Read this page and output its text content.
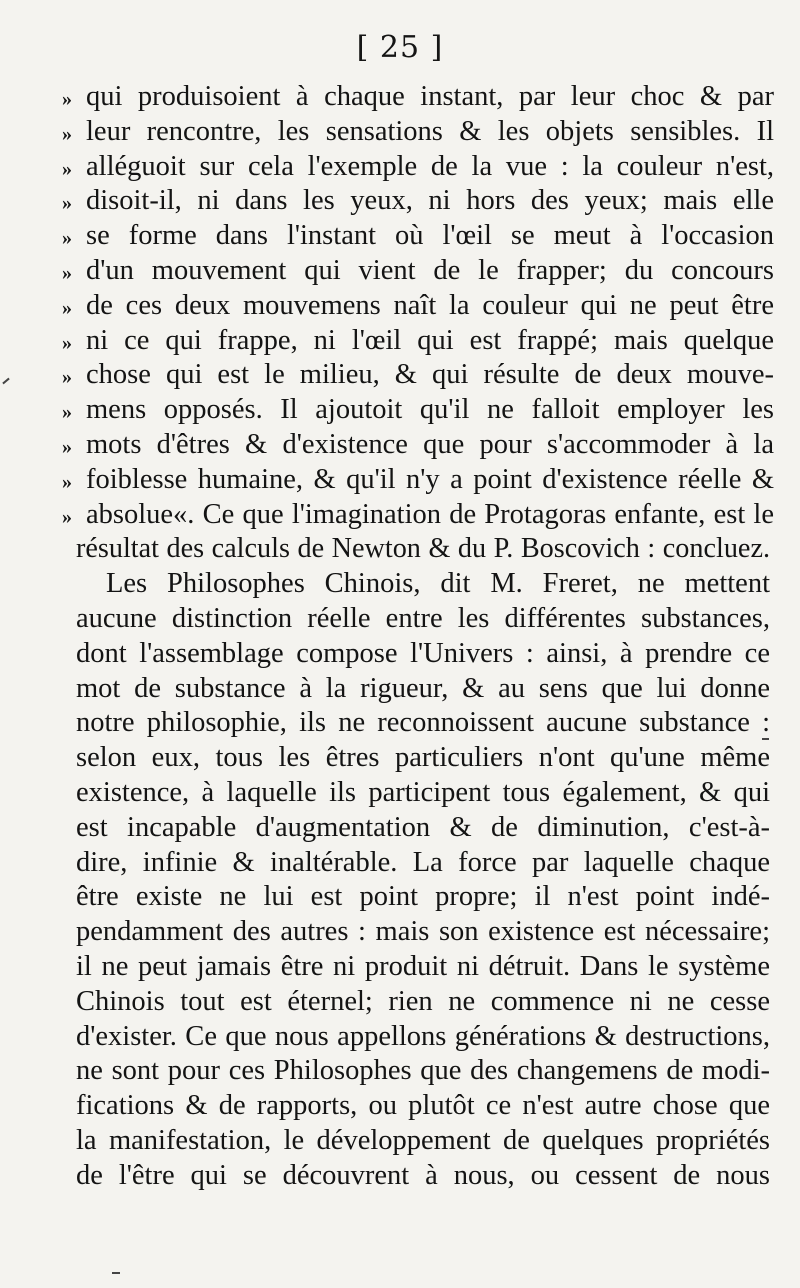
[ 25 ]
» qui produisoient à chaque instant, par leur choc & par
» leur rencontre, les sensations & les objets sensibles. Il
» alléguoit sur cela l'exemple de la vue : la couleur n'est,
» disoit-il, ni dans les yeux, ni hors des yeux; mais elle
» se forme dans l'instant où l'œil se meut à l'occasion
» d'un mouvement qui vient de le frapper; du concours
» de ces deux mouvemens naît la couleur qui ne peut être
» ni ce qui frappe, ni l'œil qui est frappé; mais quelque
» chose qui est le milieu, & qui résulte de deux mouve-
» mens opposés. Il ajoutoit qu'il ne falloit employer les
» mots d'êtres & d'existence que pour s'accommoder à la
» foiblesse humaine, & qu'il n'y a point d'existence réelle &
» absolue«. Ce que l'imagination de Protagoras enfante, est le
résultat des calculs de Newton & du P. Boscovich : concluez.
Les Philosophes Chinois, dit M. Freret, ne mettent
aucune distinction réelle entre les différentes substances,
dont l'assemblage compose l'Univers : ainsi, à prendre ce
mot de substance à la rigueur, & au sens que lui donne
notre philosophie, ils ne reconnoissent aucune substance :
selon eux, tous les êtres particuliers n'ont qu'une même
existence, à laquelle ils participent tous également, & qui
est incapable d'augmentation & de diminution, c'est-à-
dire, infinie & inaltérable. La force par laquelle chaque
être existe ne lui est point propre; il n'est point indé-
pendamment des autres : mais son existence est nécessaire;
il ne peut jamais être ni produit ni détruit. Dans le système
Chinois tout est éternel; rien ne commence ni ne cesse
d'exister. Ce que nous appellons générations & destructions,
ne sont pour ces Philosophes que des changemens de modi-
fications & de rapports, ou plutôt ce n'est autre chose que
la manifestation, le développement de quelques propriétés
de l'être qui se découvrent à nous, ou cessent de nous
